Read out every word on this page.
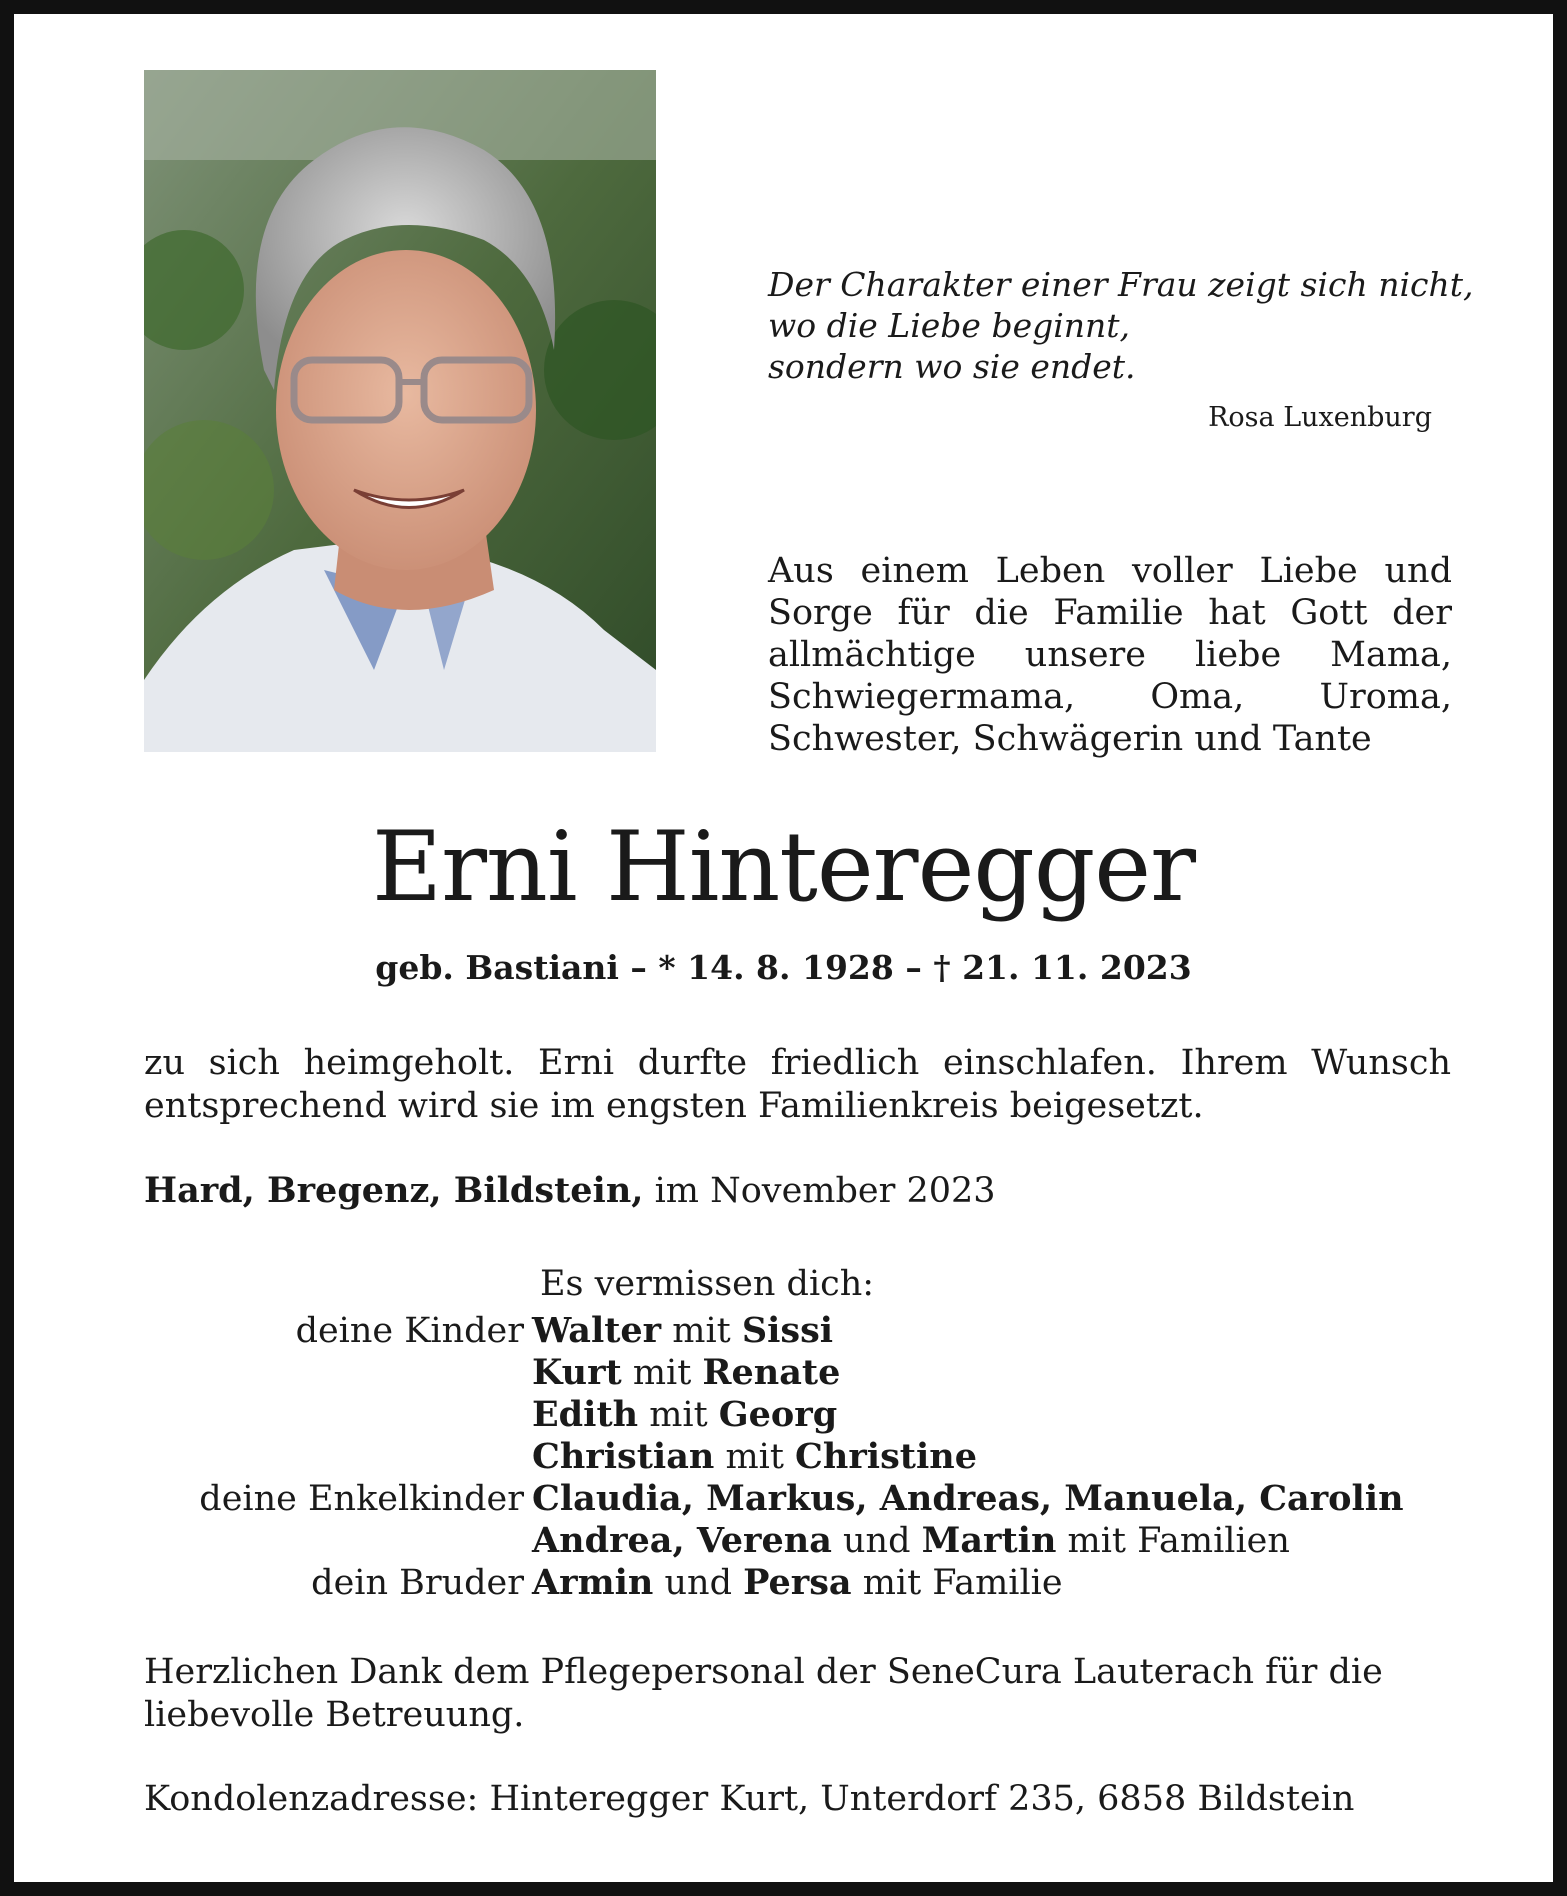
Der Charakter einer Frau zeigt sich nicht,
wo die Liebe beginnt,
sondern wo sie endet.
Rosa Luxenburg
Aus einem Leben voller Liebe und Sorge für die Familie hat Gott der allmächtige unsere liebe Mama, Schwiegermama, Oma, Uroma, Schwester, Schwägerin und Tante
Erni Hinteregger
geb. Bastiani – * 14. 8. 1928 – † 21. 11. 2023
zu sich heimgeholt. Erni durfte friedlich einschlafen. Ihrem Wunsch entsprechend wird sie im engsten Familienkreis beigesetzt.
Hard, Bregenz, Bildstein, im November 2023
Es vermissen dich:
deine Kinder Walter mit Sissi
Kurt mit Renate
Edith mit Georg
Christian mit Christine
deine Enkelkinder Claudia, Markus, Andreas, Manuela, Carolin
Andrea, Verena und Martin mit Familien
dein Bruder Armin und Persa mit Familie
Herzlichen Dank dem Pflegepersonal der SeneCura Lauterach für die liebevolle Betreuung.
Kondolenzadresse: Hinteregger Kurt, Unterdorf 235, 6858 Bildstein
